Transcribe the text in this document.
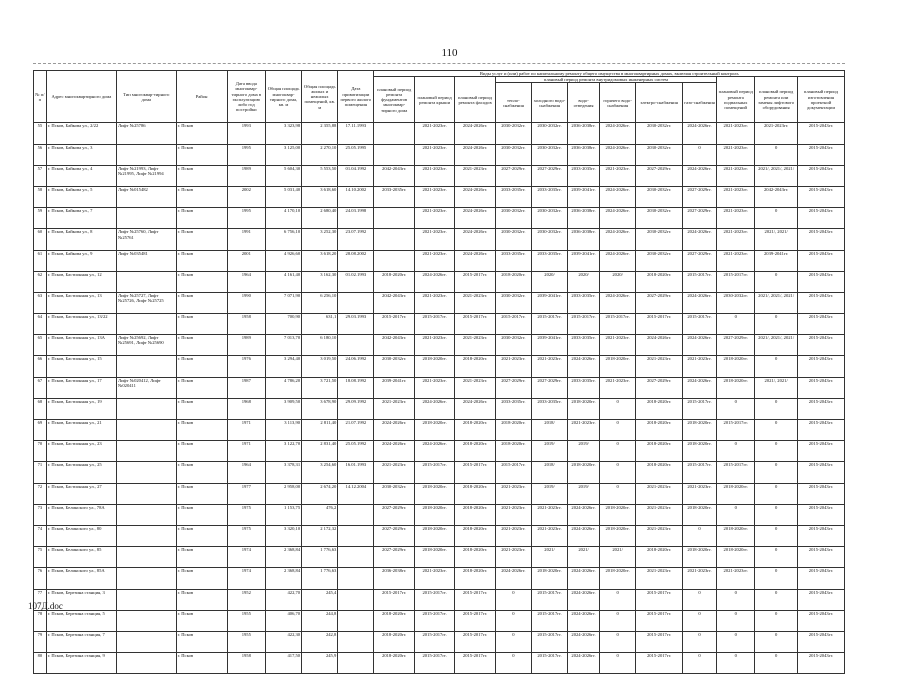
110
№ п/п	Адрес многоквартирного дома	Тип многоквар-тирного дома	Район	Дата ввода многоквар-тирного дома в эксплуатацию либо год постройки	Общая площадь многоквар-тирного дома, кв. м	Общая площадь жилых и нежилых помещений, кв. м	Дата приватизации первого жилого помещения	Виды услуг и (или) работ по капитальному ремонту общего имущества в многоквартирных домах, включая строительный контроль											
								плановый период ремонта фундаментов многоквар-тирного дома	плановый период ремонта крыши	плановый период ремонта фасадов	плановый период ремонта внутридомовых инженерных систем						плановый период ремонта подвальных помещений	плановый период ремонта или замены лифтового оборудования	плановый период изготовления проектной документации
											тепло-снабжения	холодного водо-снабжения	водо-отведения	горячего водо-снабжения	электро-снабжения	газо-снабжения			
55	г. Псков, Байкова ул., 2/22	Лифт №25786	г. Псков	1993	3 323,98	2 355,88	17.11.1993		2021-2023гг.	2024-2026гг.	2030-2032гг.	2030-2032гг.	2036-2038гг.	2024-2026гг.	2030-2032гг.	2024-2026гг.	2021-2023гг.	2021-2023гг.	2015-2043гг.
56	г. Псков, Байкова ул., 3		г. Псков	1995	3 125,00	2 270,10	25.05.1995		2021-2023гг.	2024-2026гг.	2030-2032гг.	2030-2032гг.	2036-2038гг.	2024-2026гг.	2030-2032гг.	0	2021-2023гг.	0	2015-2043гг.
57	г. Псков, Байкова ул., 4	Лифт №21993, Лифт №21995, Лифт №21994	г. Псков	1989	5 604,30	5 553,50	01.04.1992	2042-2043гг.	2021-2023гг.	2021-2023гг.	2027-2029гг.	2027-2029гг.	2033-2035гг.	2021-2023гг.	2027-2029гг.	2024-2026гг.	2021-2023гг.	2021/, 2021/, 2021/	2015-2043гг.
58	г. Псков, Байкова ул., 5	Лифт №015482	г. Псков	2002	5 031,40	3 618,60	14.10.2002	2033-2035гг.	2021-2023гг.	2024-2026гг.	2033-2035гг.	2033-2035гг.	2039-2041гг.	2024-2026гг.	2030-2032гг.	2027-2029гг.	2021-2023гг.	2042-2043гг.	2015-2043гг.
59	г. Псков, Байкова ул., 7		г. Псков	1995	4 170,10	2 680,40	24.03.1998		2021-2023гг.	2024-2026гг.	2030-2032гг.	2030-2032гг.	2036-2038гг.	2024-2026гг.	2030-2032гг.	2027-2029гг.	2021-2023гг.	0	2015-2043гг.
60	г. Псков, Байкова ул., 8	Лифт №25760, Лифт №25761	г. Псков	1991	6 756,10	3 252,30	23.07.1992		2021-2023гг.	2024-2026гг.	2030-2032гг.	2030-2032гг.	2036-2038гг.	2024-2026гг.	2030-2032гг.	2024-2026гг.	2021-2023гг.	2021/, 2021/	2015-2043гг.
61	г. Псков, Байкова ул., 9	Лифт №035481	г. Псков	2001	4 926,60	3 618,20	28.08.2002		2021-2023гг.	2024-2026гг.	2033-2035гг.	2033-2035гг.	2039-2041гг.	2024-2026гг.	2030-2032гг.	2027-2029гг.	2021-2023гг.	2039-2041гг.	2015-2043гг.
62	г. Псков, Бастионная ул., 12		г. Псков	1964	4 161,40	3 162,30	01.02.1993	2018-2020гг.	2024-2026гг.	2015-2017гг.	2018-2020гг.	2020/	2020/	2020/	2018-2020гг.	2015-2017гг.	2015-2017гг.	0	2015-2043гг.
63	г. Псков, Бастионная ул., 13	Лифт №25727, Лифт №25726, Лифт №25725	г. Псков	1990	7 071,90	6 256,10		2042-2043гг.	2021-2023гг.	2021-2023гг.	2030-2032гг.	2039-2041гг.	2033-2035гг.	2024-2026гг.	2027-2029гг.	2024-2026гг.	2030-2032гг.	2021/, 2021/, 2021/	2015-2043гг.
64	г. Псков, Бастионная ул., 13/22		г. Псков	1958	700,90	631,1	29.03.1993	2015-2017гг.	2015-2017гг.	2015-2017гг.	2015-2017гг.	2015-2017гг.	2015-2017гг.	2015-2017гг.	2015-2017гг.	2015-2017гг.	0	0	2015-2043гг.
65	г. Псков, Бастионная ул., 13А	Лифт №25692, Лифт №25691, Лифт №25690	г. Псков	1989	7 013,70	6 180,10		2042-2043гг.	2021-2023гг.	2021-2023гг.	2030-2032гг.	2039-2041гг.	2033-2035гг.	2021-2023гг.	2024-2026гг.	2024-2026гг.	2027-2029гг.	2021/, 2021/, 2021/	2015-2043гг.
66	г. Псков, Бастионная ул., 15		г. Псков	1976	3 294,40	3 019,50	24.06.1992	2030-2032гг.	2018-2020гг.	2018-2020гг.	2021-2023гг.	2021-2023гг.	2024-2026гг.	2018-2020гг.	2021-2023гг.	2021-2023гг.	2018-2020гг.	0	2015-2043гг.
67	г. Псков, Бастионная ул., 17	Лифт №020412, Лифт №020411	г. Псков	1987	4 786,20	3 721,50	18.08.1992	2039-2041гг.	2021-2023гг.	2021-2023гг.	2027-2029гг.	2027-2029гг.	2033-2035гг.	2021-2023гг.	2027-2029гг.	2024-2026гг.	2018-2020гг.	2021/, 2021/	2015-2043гг.
68	г. Псков, Бастионная ул., 19		г. Псков	1968	3 909,50	3 678,90	29.09.1992	2021-2023гг.	2024-2026гг.	2024-2026гг.	2033-2035гг.	2033-2035гг.	2018-2020гг.	0	2018-2020гг.	2015-2017гг.	0	0	2015-2043гг.
69	г. Псков, Бастионная ул., 21		г. Псков	1971	3 113,90	2 811,40	21.07.1992	2024-2026гг.	2018-2020гг.	2018-2020гг.	2018-2020гг.	2018/	2021-2023гг.	0	2018-2020гг.	2018-2020гг.	2015-2017гг.	0	2015-2043гг.
70	г. Псков, Бастионная ул., 23		г. Псков	1971	3 122,70	2 831,40	25.05.1992	2024-2026гг.	2024-2026гг.	2018-2020гг.	2018-2020гг.	2019/	2019/	0	2018-2020гг.	2018-2020гг.	0	0	2015-2043гг.
71	г. Псков, Бастионная ул., 25		г. Псков	1964	3 378,31	3 254,60	16.01.1993	2021-2023гг.	2015-2017гг.	2015-2017гг.	2015-2017гг.	2018/	2018-2020гг.	0	2018-2020гг.	2015-2017гг.	2015-2017гг.	0	2015-2043гг.
72	г. Псков, Бастионная ул., 27		г. Псков	1977	2 958,00	2 674,20	14.12.2004	2030-2032гг.	2018-2020гг.	2018-2020гг.	2021-2023гг.	2019/	2019/	0	2021-2023гг.	2021-2023гг.	2018-2020гг.	0	2015-2043гг.
73	г. Псков, Белинского ул., 78А		г. Псков	1975	1 153,75	476,2		2027-2029гг.	2018-2020гг.	2018-2020гг.	2021-2023гг.	2021-2023гг.	2024-2026гг.	2018-2020гг.	2021-2023гг.	2018-2020гг.	0	0	2015-2043гг.
74	г. Псков, Белинского ул., 80		г. Псков	1975	3 320,10	2 172,32		2027-2029гг.	2018-2020гг.	2018-2020гг.	2021-2023гг.	2021-2023гг.	2024-2026гг.	2018-2020гг.	2021-2023гг.	0	2018-2020гг.	0	2015-2043гг.
75	г. Псков, Белинского ул., 85		г. Псков	1974	2 368,84	1 776,63		2027-2029гг.	2018-2020гг.	2018-2020гг.	2021-2023гг.	2021/	2021/	2021/	2018-2020гг.	2018-2020гг.	2018-2020гг.	0	2015-2043гг.
76	г. Псков, Белинского ул., 85А		г. Псков	1974	2 368,84	1 776,63		2036-2038гг.	2021-2023гг.	2018-2020гг.	2024-2026гг.	2018-2020гг.	2024-2026гг.	2018-2020гг.	2021-2023гг.	2021-2023гг.	2021-2023гг.	0	2015-2043гг.
77	г. Псков, Березина станция, 3		г. Псков	1952	422,70	245,4		2015-2017гг.	2015-2017гг.	2015-2017гг.	0	2015-2017гг.	2024-2026гг.	0	2015-2017гг.	0	0	0	2015-2043гг.
78	г. Псков, Березина станция, 5		г. Псков	1955	406,70	244,8		2018-2020гг.	2015-2017гг.	2015-2017гг.	0	2015-2017гг.	2024-2026гг.	0	2015-2017гг.	0	0	0	2015-2043гг.
79	г. Псков, Березина станция, 7		г. Псков	1955	422,30	242,8		2018-2020гг.	2015-2017гг.	2015-2017гг.	0	2015-2017гг.	2024-2026гг.	0	2015-2017гг.	0	0	0	2015-2043гг.
80	г. Псков, Березина станция, 9		г. Псков	1958	417,50	245,9		2018-2020гг.	2015-2017гг.	2015-2017гг.	0	2015-2017гг.	2024-2026гг.	0	2015-2017гг.	0	0	0	2015-2043гг.
107Д.doc
